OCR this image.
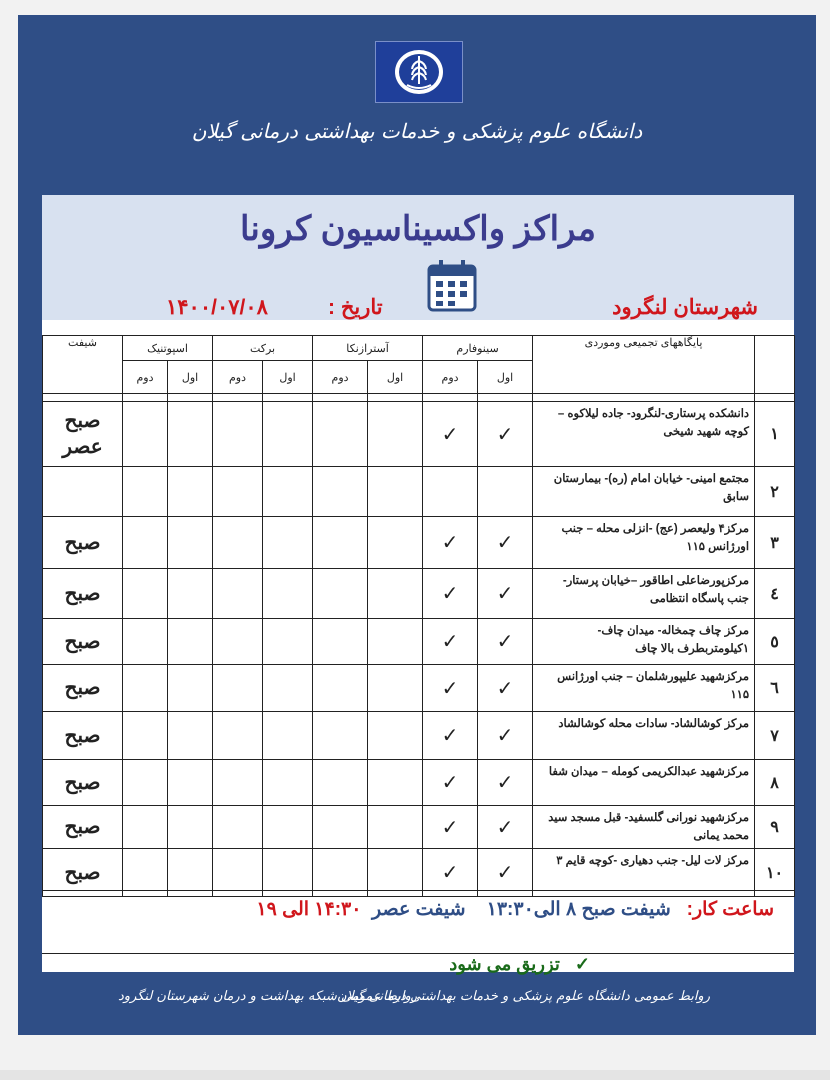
دانشگاه علوم پزشکی و خدمات بهداشتی درمانی گیلان
مراکز واکسیناسیون کرونا
شهرستان لنگرود
تاریخ :
۱۴۰۰/۰۷/۰۸
	پایگاههای تجمیعی وموردی	سینوفارم		آسترازنکا		برکت		اسپوتنیک		شیفت
		اول	دوم	اول	دوم	اول	دوم	اول	دوم	

۱	دانشکده پرستاری-لنگرود- جاده لیلاکوه – کوچه شهید شیخی	✓	✓							صبح عصر
۲	مجتمع امینی- خیابان امام (ره)- بیمارستان سابق									
۳	مرکز۴ ولیعصر (عج) -انزلی محله – جنب اورژانس ۱۱۵	✓	✓							صبح
٤	مرکزپورضاعلی اطاقور –خیابان پرستار- جنب پاسگاه انتظامی	✓	✓							صبح
٥	مرکز چاف چمخاله- میدان چاف- ۱کیلومتربطرف بالا چاف	✓	✓							صبح
٦	مرکزشهید علیپورشلمان – جنب اورژانس ۱۱۵	✓	✓							صبح
۷	مرکز کوشالشاد- سادات محله کوشالشاد	✓	✓							صبح
۸	مرکزشهید عبدالکریمی کومله – میدان شفا	✓	✓							صبح
۹	مرکزشهید نورانی گلسفید- قبل مسجد سید محمد یمانی	✓	✓							صبح
۱۰	مرکز لات لیل- جنب دهیاری -کوچه قایم ۳	✓	✓							صبح
ساعت کار:   شیفت صبح ۸ الی۱۳:۳۰    شیفت عصر  ۱۴:۳۰ الی ۱۹
✓   تزریق می شود
روابط عمومی دانشگاه علوم پزشکی و خدمات بهداشتی درمانی گیلان
روابط عمومی شبکه بهداشت و درمان شهرستان لنگرود
